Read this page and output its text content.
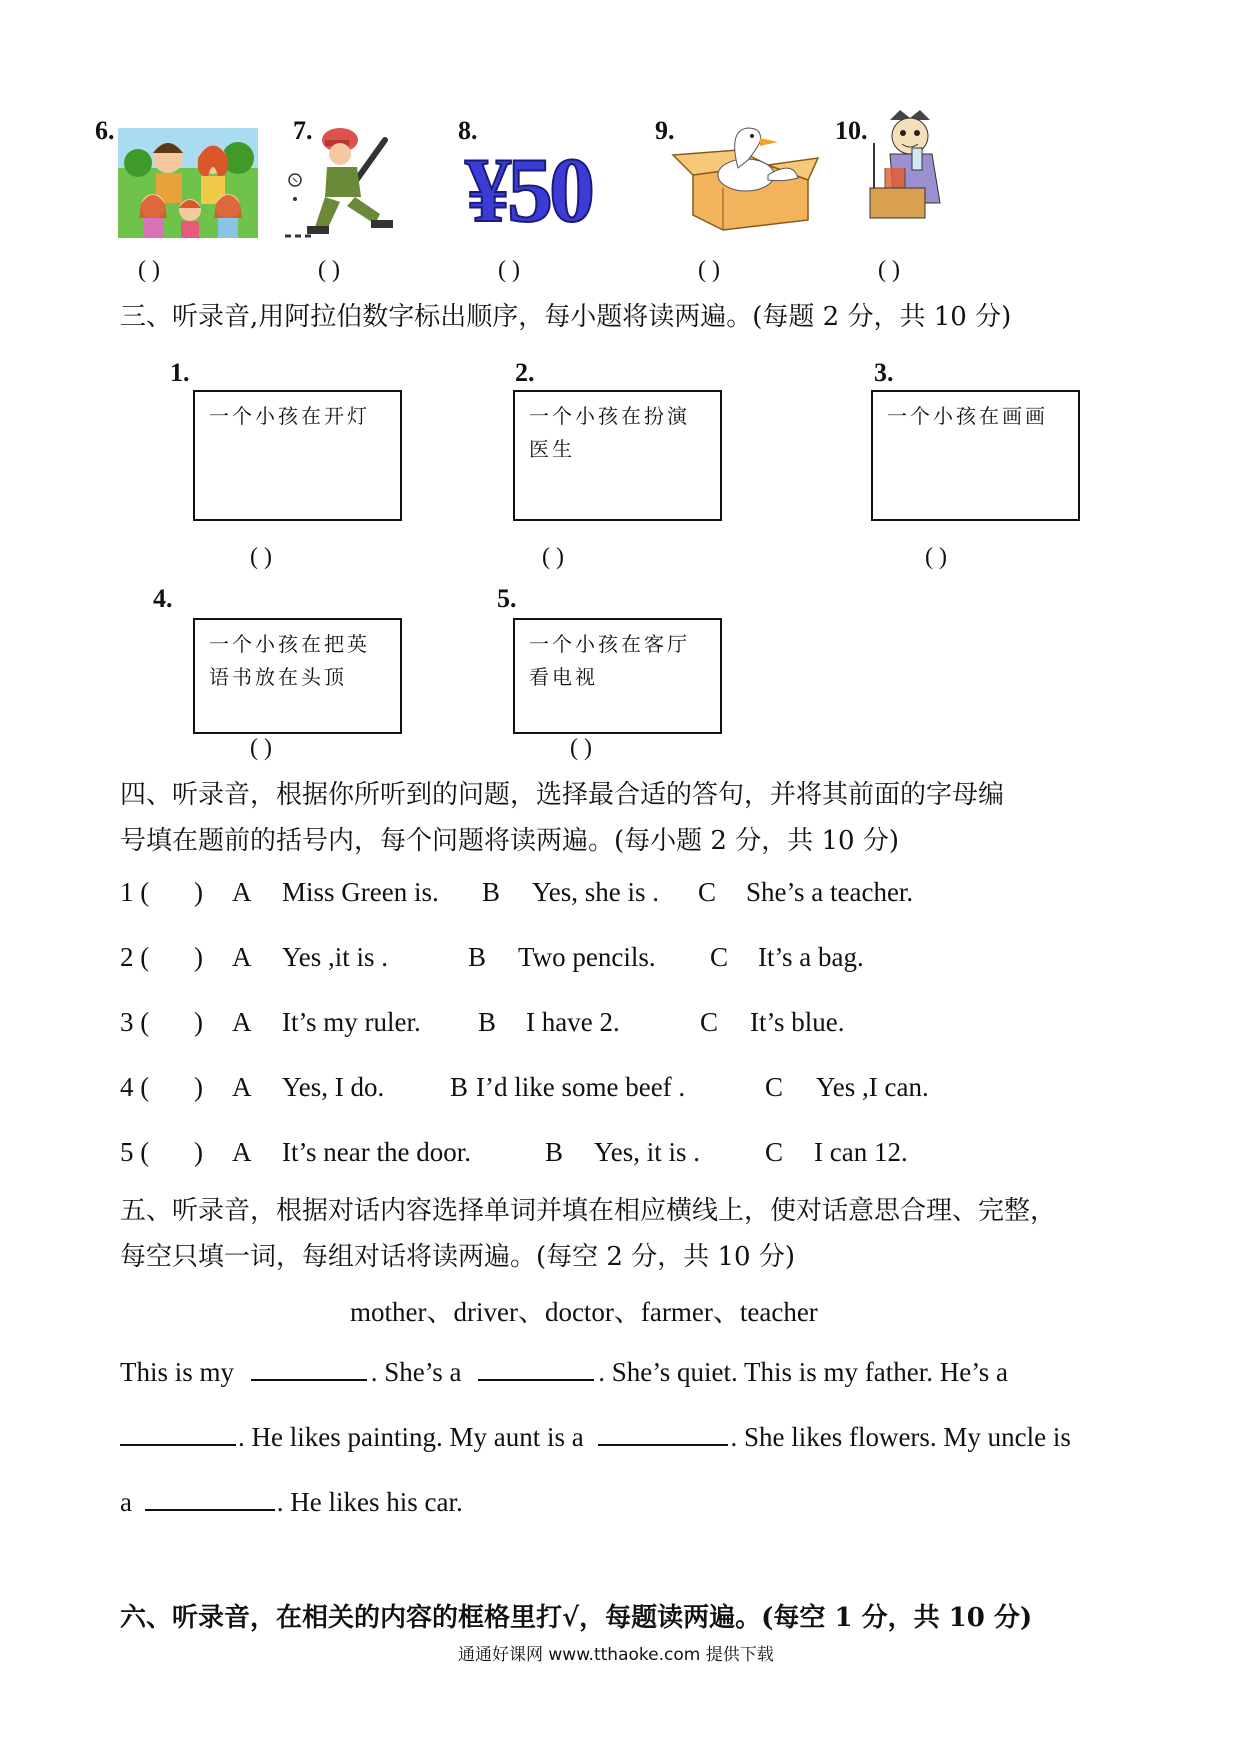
6.
( )
7.
( )
8.
¥50
( )
9.
( )
10.
( )
三、听录音,用阿拉伯数字标出顺序，每小题将读两遍。(每题 2 分，共 10 分)
1.
一个小孩在开灯
( )
2.
一个小孩在扮演医生
( )
3.
一个小孩在画画
( )
4.
一个小孩在把英语书放在头顶
( )
5.
一个小孩在客厅看电视
( )
四、听录音，根据你所听到的问题，选择最合适的答句，并将其前面的字母编
号填在题前的括号内，每个问题将读两遍。(每小题 2 分，共 10 分)
1 ( ) A Miss Green is. B Yes, she is . C She’s a teacher.
2 ( ) A Yes ,it is .	B Two pencils. C It’s a bag.
3 ( ) A It’s my ruler. B I have 2.	C It’s blue.
4 ( ) A Yes, I do. B I’d like some beef .	C Yes ,I can.
5 ( ) A It’s near the door.	B Yes, it is . C I can 12.
五、听录音，根据对话内容选择单词并填在相应横线上，使对话意思合理、完整，
每空只填一词，每组对话将读两遍。(每空 2 分，共 10 分)
mother、driver、doctor、farmer、teacher
This is my	. She’s a	. She’s quiet. This is my father. He’s a
. He likes painting. My aunt is a	. She likes flowers. My uncle is
a	. He likes his car.
六、听录音，在相关的内容的框格里打√，每题读两遍。(每空 1 分，共 10 分)
通通好课网 www.tthaoke.com 提供下载
